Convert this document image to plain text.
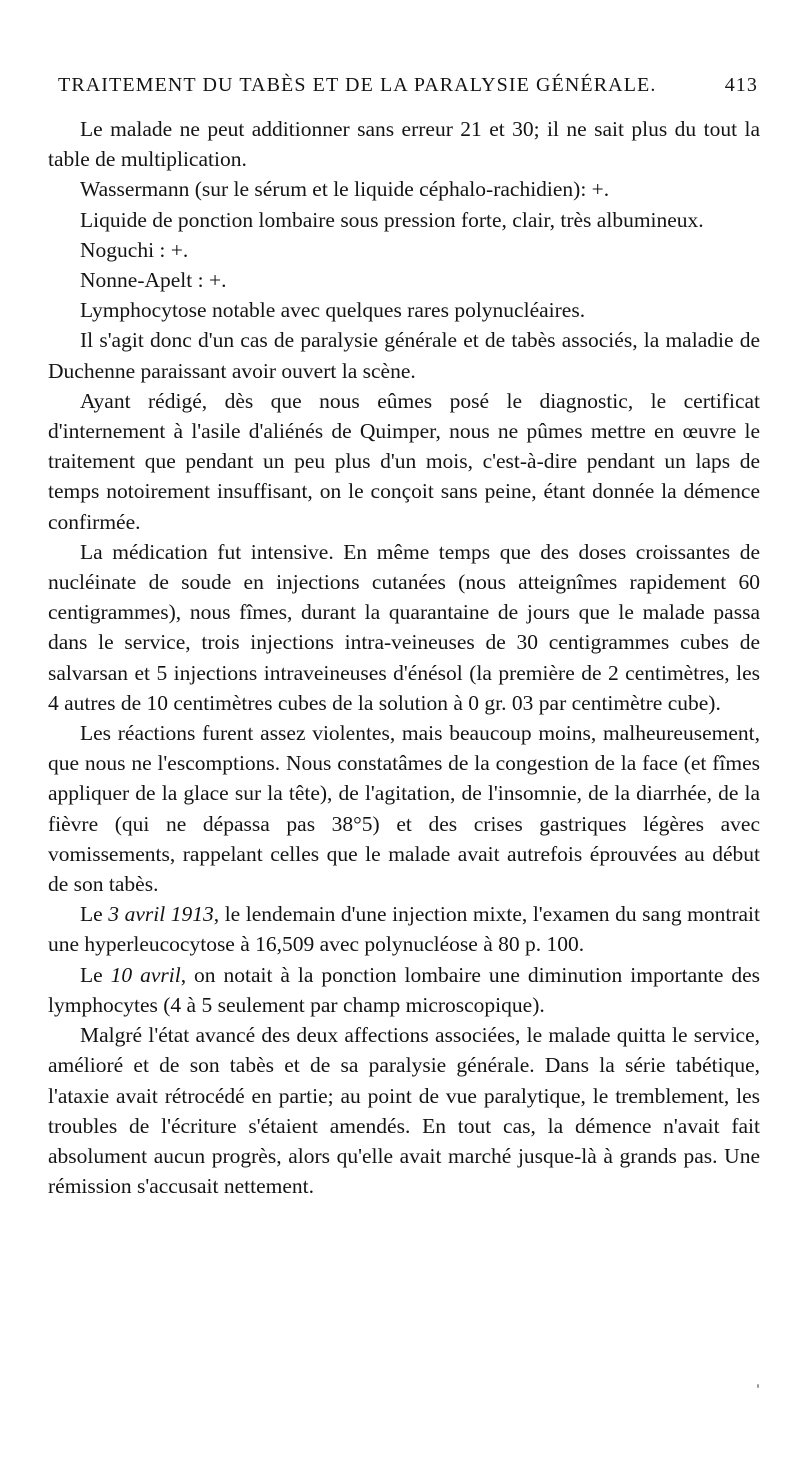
TRAITEMENT DU TABÈS ET DE LA PARALYSIE GÉNÉRALE.	413

Le malade ne peut additionner sans erreur 21 et 30; il ne sait plus du tout la table de multiplication.

Wassermann (sur le sérum et le liquide céphalo-rachidien): +.

Liquide de ponction lombaire sous pression forte, clair, très albumineux.

Noguchi : +.

Nonne-Apelt : +.

Lymphocytose notable avec quelques rares polynucléaires.

Il s'agit donc d'un cas de paralysie générale et de tabès associés, la maladie de Duchenne paraissant avoir ouvert la scène.

Ayant rédigé, dès que nous eûmes posé le diagnostic, le certificat d'internement à l'asile d'aliénés de Quimper, nous ne pûmes mettre en œuvre le traitement que pendant un peu plus d'un mois, c'est-à-dire pendant un laps de temps notoirement insuffisant, on le conçoit sans peine, étant donnée la démence confirmée.

La médication fut intensive. En même temps que des doses croissantes de nucléinate de soude en injections cutanées (nous atteignîmes rapidement 60 centigrammes), nous fîmes, durant la quarantaine de jours que le malade passa dans le service, trois injections intra-veineuses de 30 centigrammes cubes de salvarsan et 5 injections intraveineuses d'énésol (la première de 2 centimètres, les 4 autres de 10 centimètres cubes de la solution à 0 gr. 03 par centimètre cube).

Les réactions furent assez violentes, mais beaucoup moins, malheureusement, que nous ne l'escomptions. Nous constatâmes de la congestion de la face (et fîmes appliquer de la glace sur la tête), de l'agitation, de l'insomnie, de la diarrhée, de la fièvre (qui ne dépassa pas 38°5) et des crises gastriques légères avec vomissements, rappelant celles que le malade avait autrefois éprouvées au début de son tabès.

Le 3 avril 1913, le lendemain d'une injection mixte, l'examen du sang montrait une hyperleucocytose à 16,509 avec polynucléose à 80 p. 100.

Le 10 avril, on notait à la ponction lombaire une diminution importante des lymphocytes (4 à 5 seulement par champ microscopique).

Malgré l'état avancé des deux affections associées, le malade quitta le service, amélioré et de son tabès et de sa paralysie générale. Dans la série tabétique, l'ataxie avait rétrocédé en partie; au point de vue paralytique, le tremblement, les troubles de l'écriture s'étaient amendés. En tout cas, la démence n'avait fait absolument aucun progrès, alors qu'elle avait marché jusque-là à grands pas. Une rémission s'accusait nettement.
